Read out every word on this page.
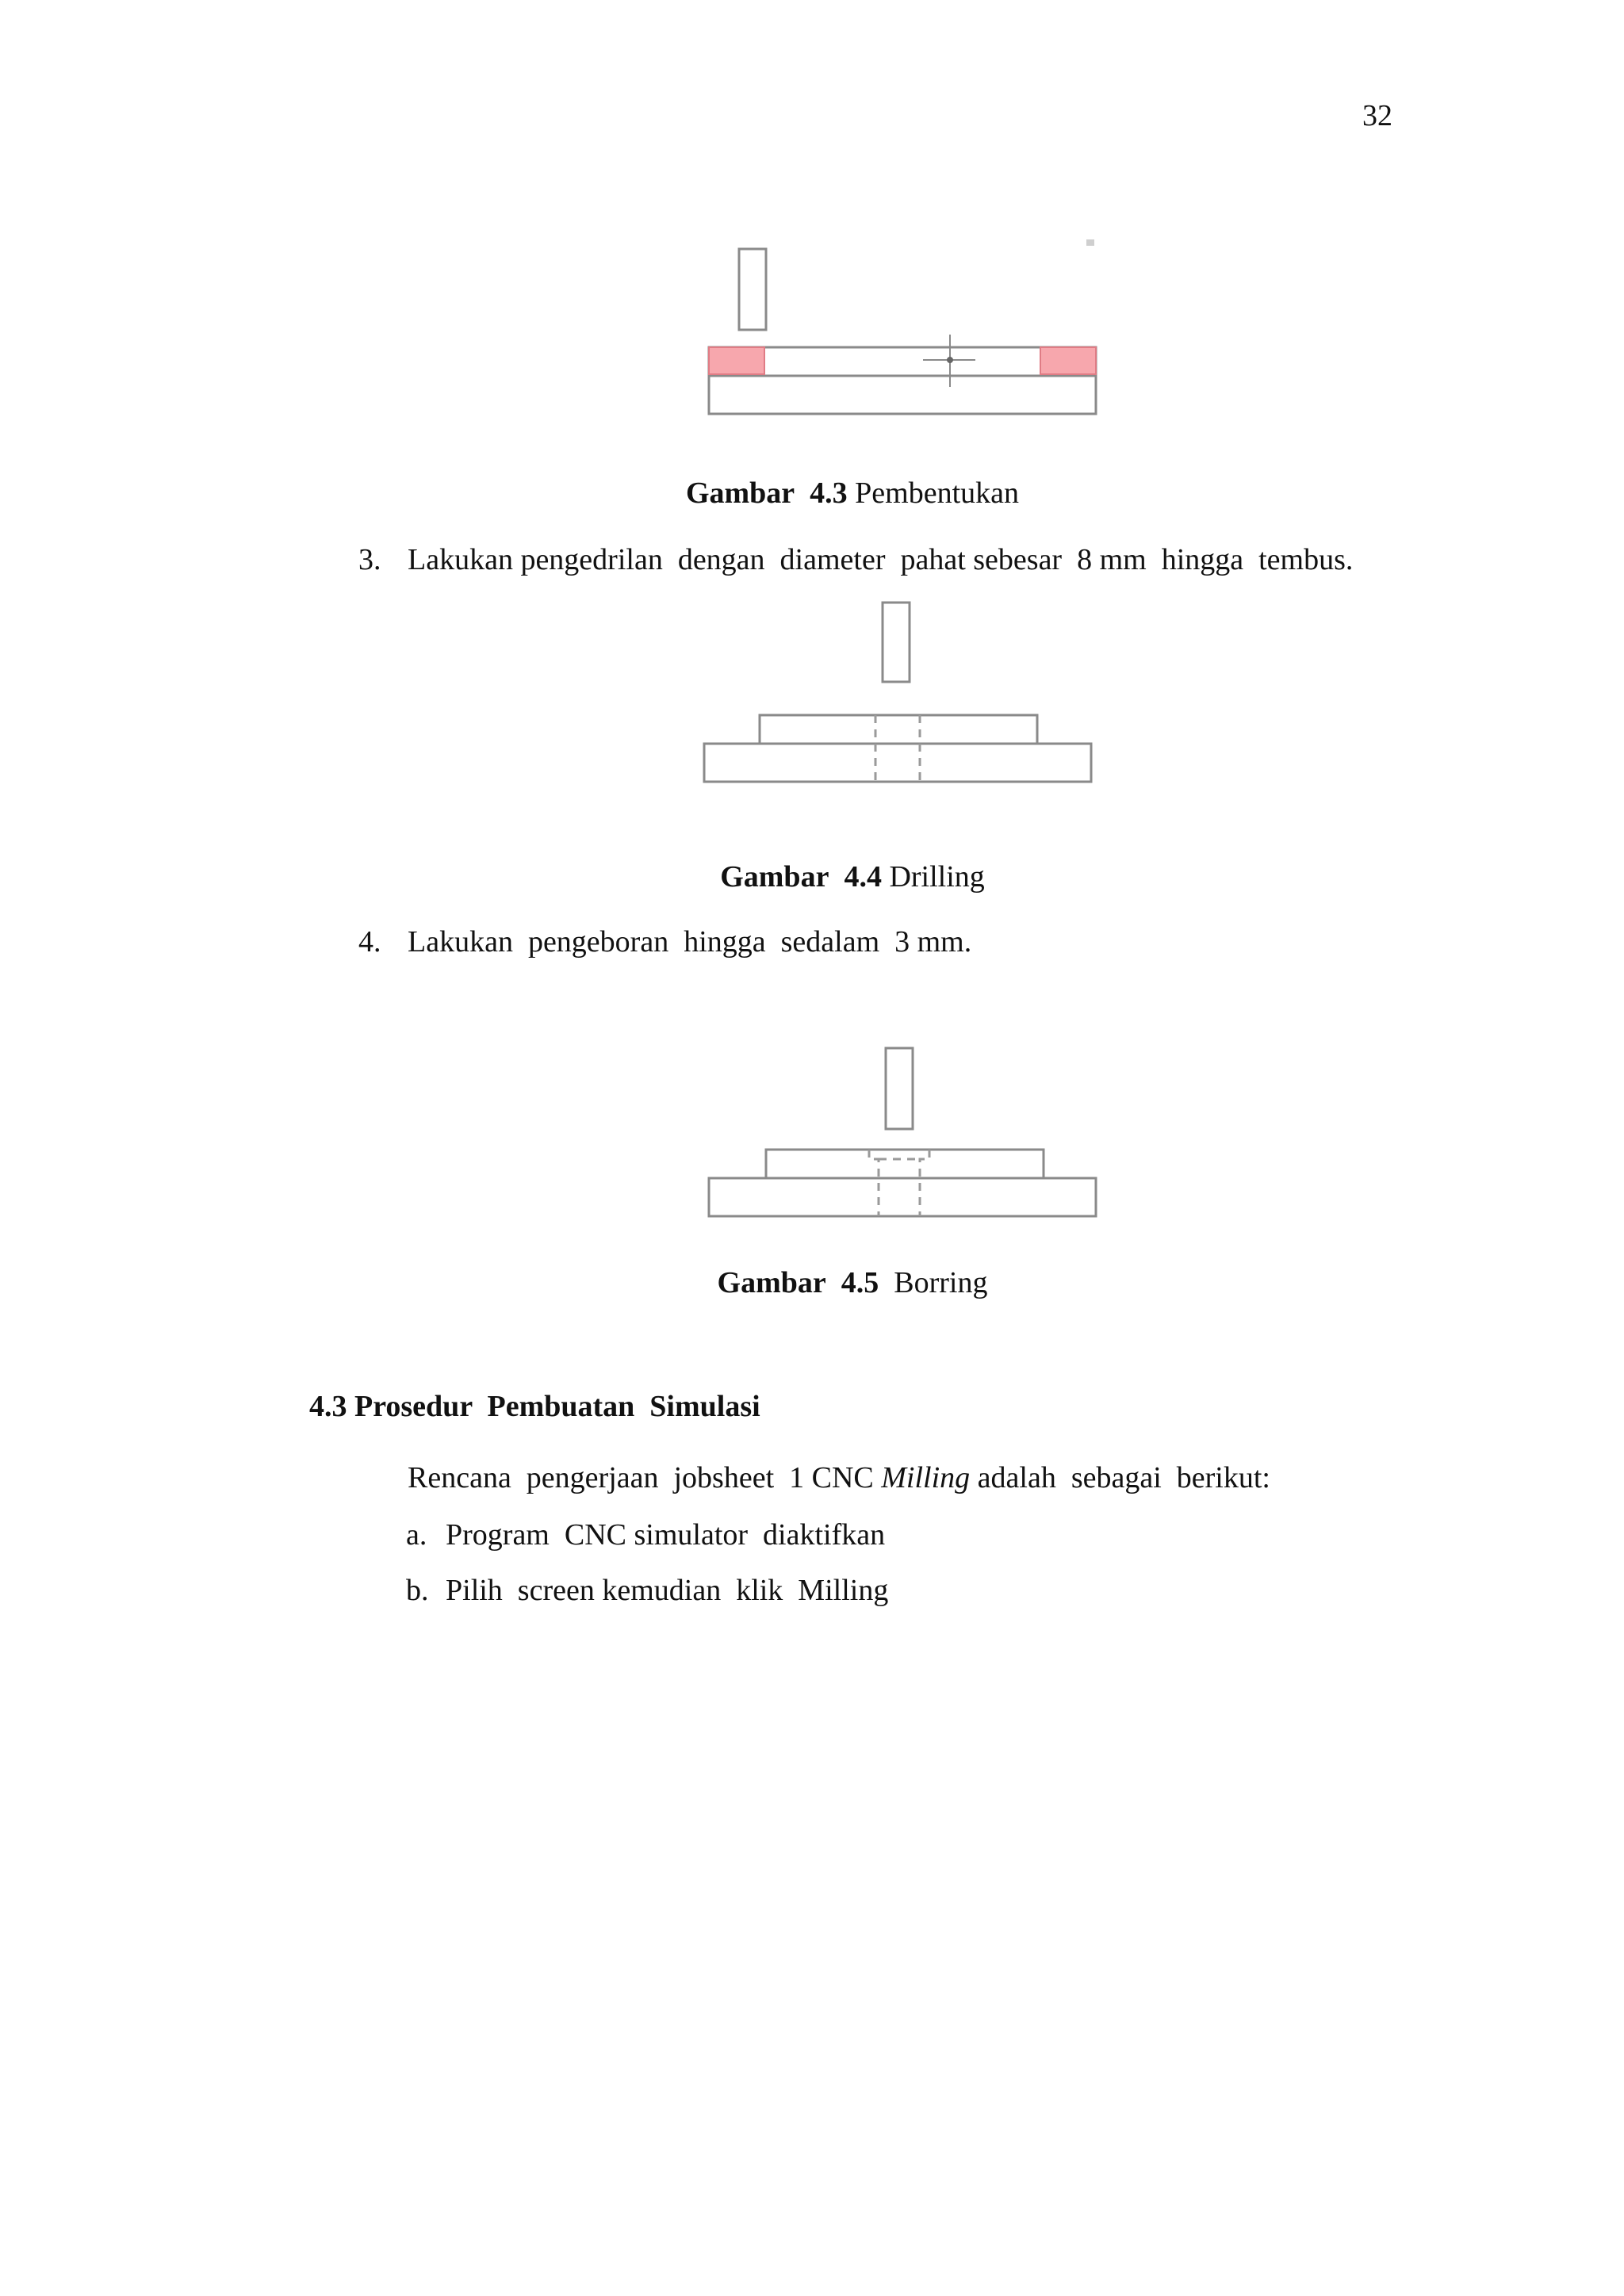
32
Gambar 4.3 Pembentukan
3. Lakukan pengedrilan  dengan  diameter  pahat sebesar  8 mm  hingga  tembus.
Gambar 4.4 Drilling
4. Lakukan  pengeboran  hingga  sedalam  3 mm.
Gambar 4.5 Borring
4.3 Prosedur  Pembuatan  Simulasi
Rencana  pengerjaan  jobsheet  1 CNC Milling adalah  sebagai  berikut:
a. Program  CNC simulator  diaktifkan
b. Pilih  screen kemudian  klik  Milling
